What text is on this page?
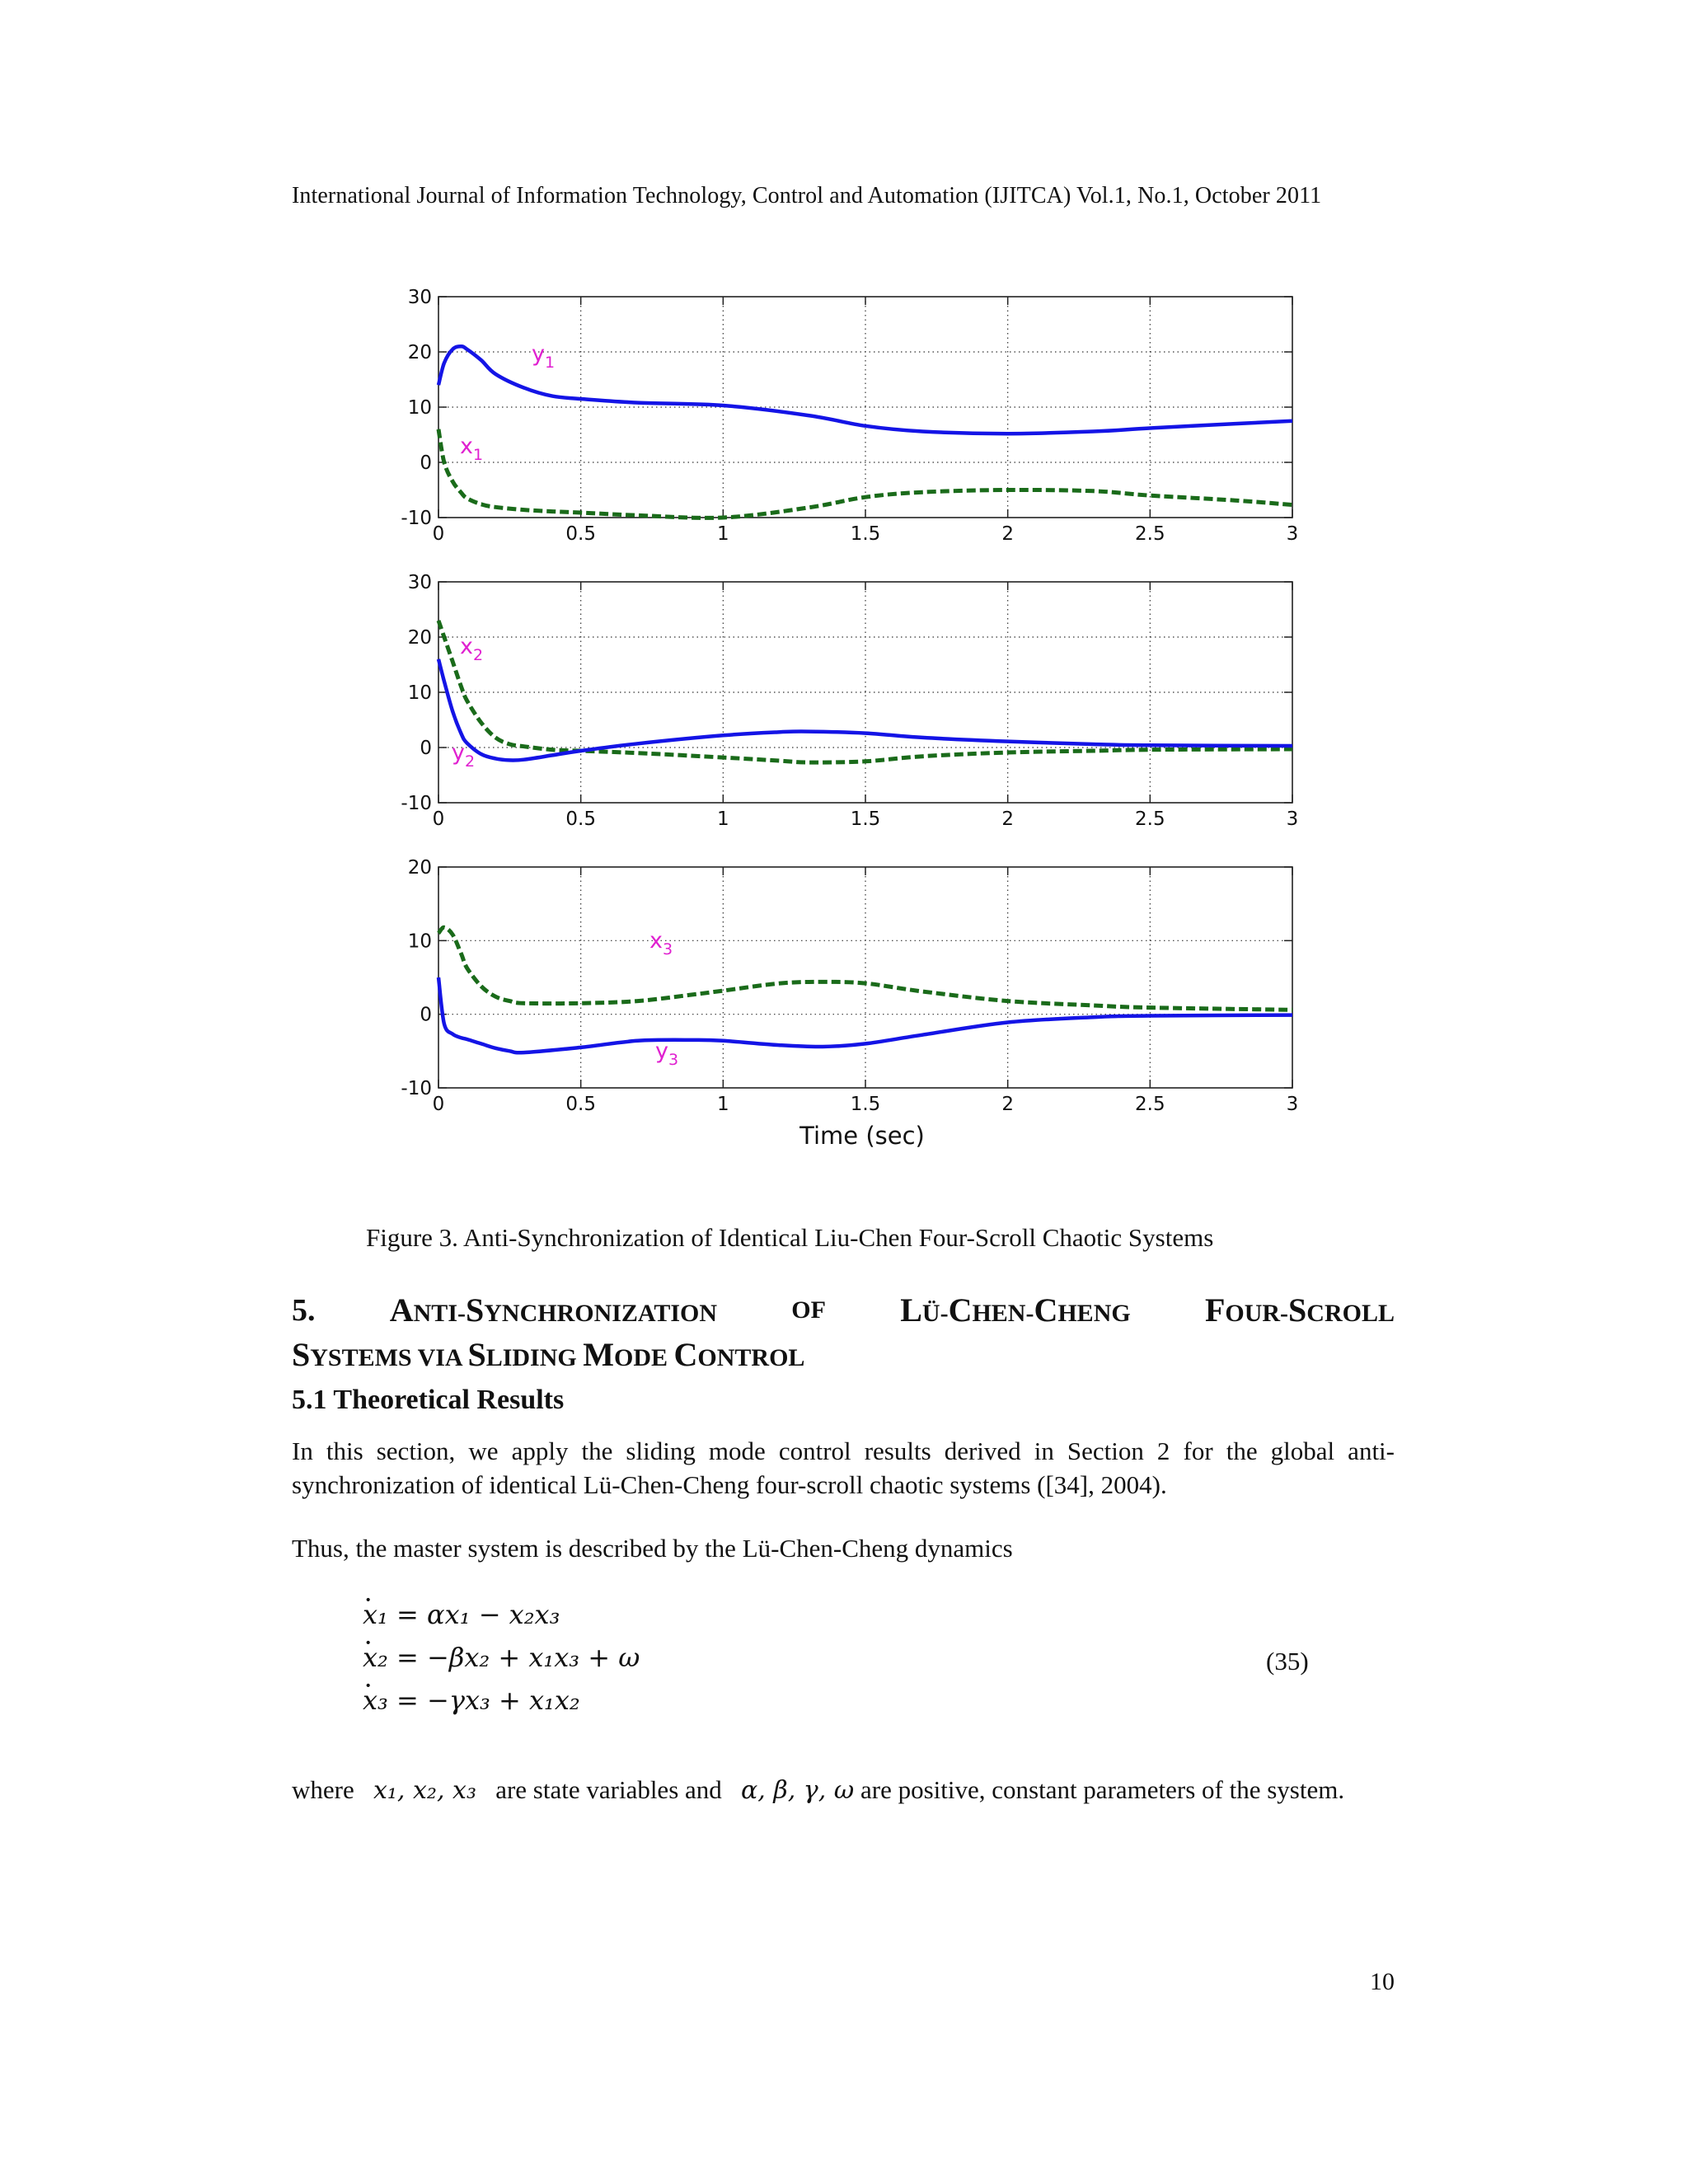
International Journal of Information Technology, Control and Automation (IJITCA) Vol.1, No.1, October 2011
0	0.5	1	1.5	2	2.5	3
30
20
10
0
-10
0	0.5	1	1.5	2	2.5	3
30
20
10
0
-10
0	0.5	1	1.5	2	2.5	3
20
10
0
-10
$y_1$
$x_1$
$x_2$
$y_2$
$x_3$
$y_3$
Time (sec)
Figure 3. Anti-Synchronization of Identical Liu-Chen Four-Scroll Chaotic Systems
5. ANTI-SYNCHRONIZATION	OF LÜ-CHEN-CHENG FOUR-SCROLL
SYSTEMS VIA SLIDING MODE CONTROL
5.1 Theoretical Results
In this section, we apply the sliding mode control results derived in Section 2 for the global anti-synchronization of identical Lü-Chen-Cheng four-scroll chaotic systems ([34], 2004).
Thus, the master system is described by the Lü-Chen-Cheng dynamics
x₁ = αx₁ − x₂x₃ ·
x₂ = −βx₂ + x₁x₃ + ω ·
x₃ = −γx₃ + x₁x₂ ·
(35)
where x₁, x₂, x₃ are state variables and α, β, γ, ω are positive, constant parameters of the system.
10
